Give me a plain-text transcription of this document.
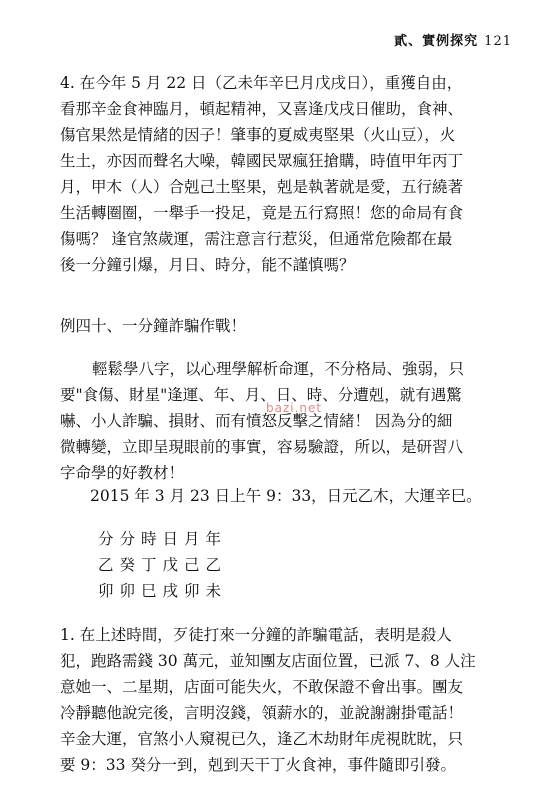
貳、實例探究 121
4. 在今年 5 月 22 日（乙未年辛巳月戊戌日），重獲自由，
看那辛金食神臨月，頓起精神，又喜逢戊戌日催助，食神、
傷官果然是情緒的因子！肇事的夏威夷堅果（火山豆），火
生土，亦因而聲名大噪，韓國民眾瘋狂搶購，時值甲年丙丁
月，甲木（人）合剋己土堅果，剋是執著就是愛，五行繞著
生活轉圈圈，一舉手一投足，竟是五行寫照！您的命局有食
傷嗎？ 逢官煞歲運，需注意言行惹災，但通常危險都在最
後一分鐘引爆，月日、時分，能不謹慎嗎？
例四十、一分鐘詐騙作戰！
輕鬆學八字，以心理學解析命運，不分格局、強弱，只
要"食傷、財星"逢運、年、月、日、時、分遭剋，就有遇驚
嚇、小人詐騙、損財、而有憤怒反擊之情緒！ 因為分的細
微轉變，立即呈現眼前的事實，容易驗證，所以，是研習八
字命學的好教材！
bazi.net
2015 年 3 月 23 日上午 9：33，日元乙木，大運辛巳。
分分時日月年
乙癸丁戊己乙
卯卯巳戌卯未
1. 在上述時間，歹徒打來一分鐘的詐騙電話，表明是殺人
犯，跑路需錢 30 萬元，並知團友店面位置，已派 7、8 人注
意她一、二星期，店面可能失火，不敢保證不會出事。團友
冷靜聽他說完後，言明沒錢，領薪水的，並說謝謝掛電話！
辛金大運，官煞小人窺視已久，逢乙木劫財年虎視眈眈，只
要 9：33 癸分一到，剋到天干丁火食神，事件隨即引發。
